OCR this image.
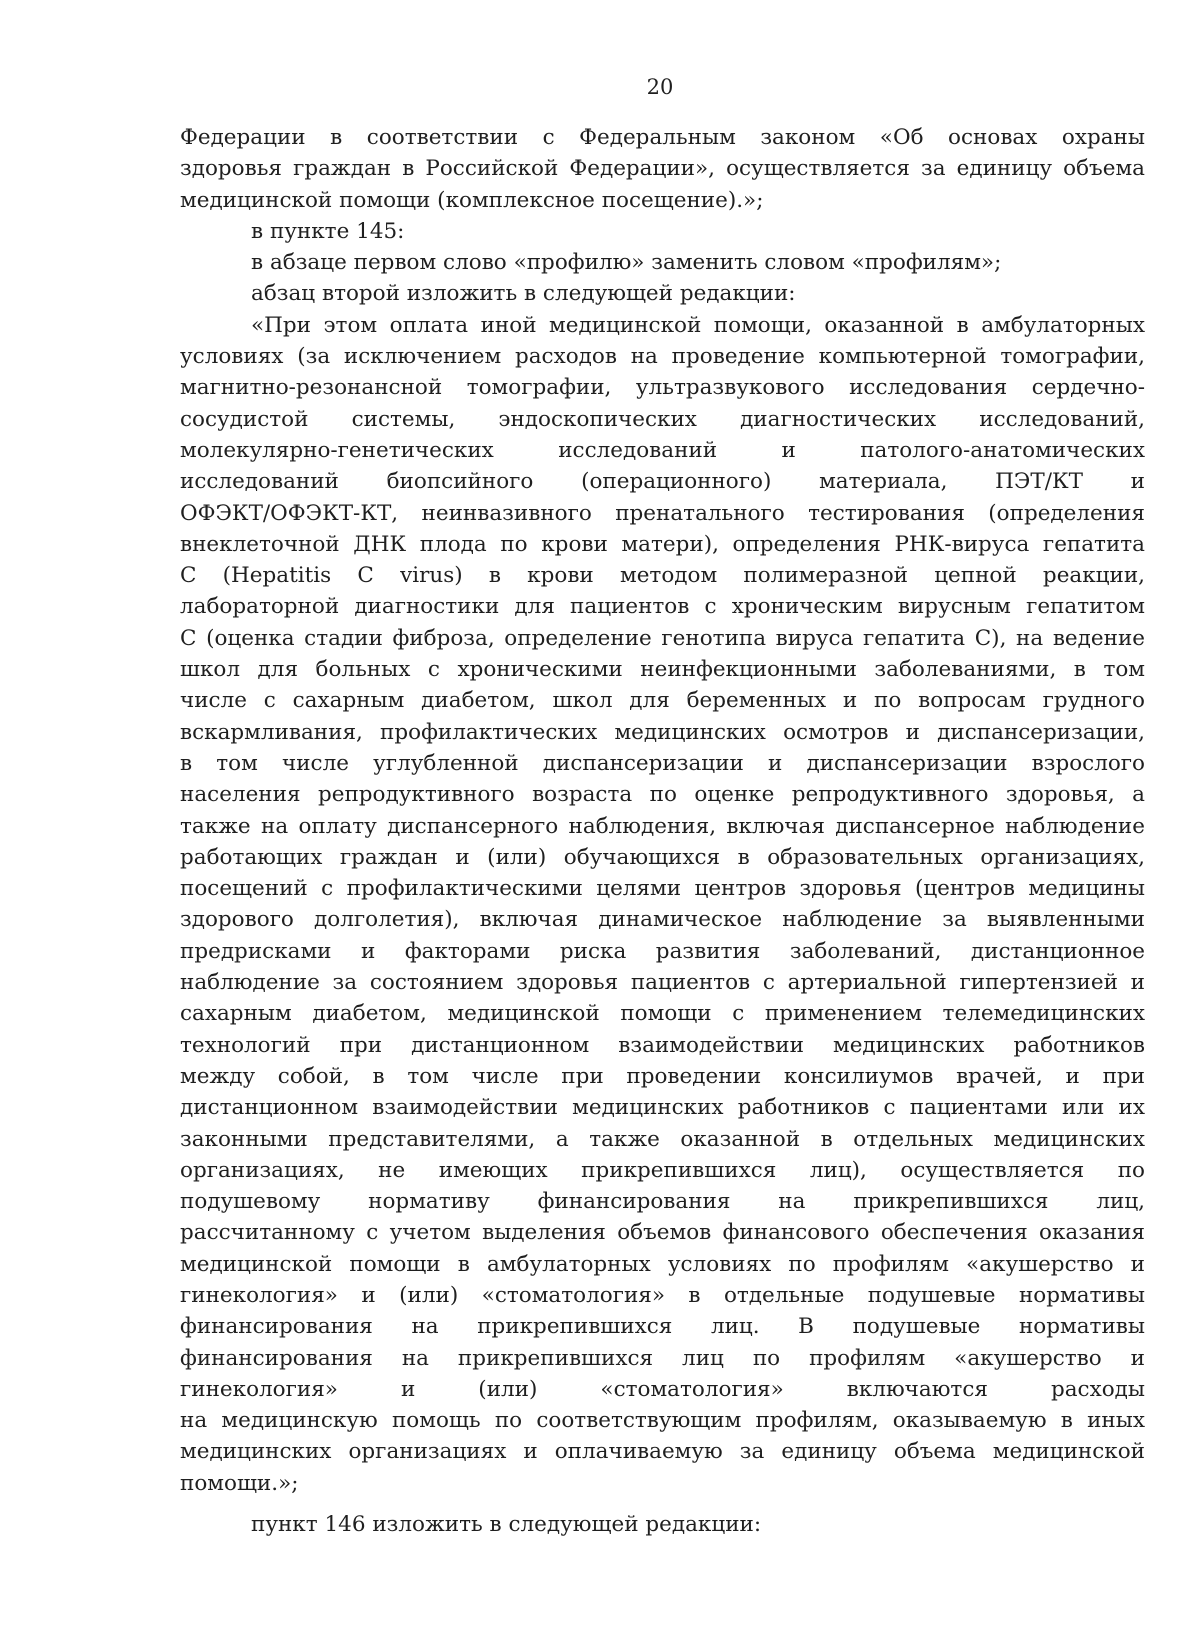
20
Федерации в соответствии с Федеральным законом «Об основах охраны
здоровья граждан в Российской Федерации», осуществляется за единицу объема
медицинской помощи (комплексное посещение).»;
в пункте 145:
в абзаце первом слово «профилю» заменить словом «профилям»;
абзац второй изложить в следующей редакции:
«При этом оплата иной медицинской помощи, оказанной в амбулаторных
условиях (за исключением расходов на проведение компьютерной томографии,
магнитно-резонансной томографии, ультразвукового исследования сердечно-
сосудистой системы, эндоскопических диагностических исследований,
молекулярно-генетических исследований и патолого-анатомических
исследований биопсийного (операционного) материала, ПЭТ/КТ и
ОФЭКТ/ОФЭКТ-КТ, неинвазивного пренатального тестирования (определения
внеклеточной ДНК плода по крови матери), определения РНК-вируса гепатита
C (Hepatitis C virus) в крови методом полимеразной цепной реакции,
лабораторной диагностики для пациентов с хроническим вирусным гепатитом
C (оценка стадии фиброза, определение генотипа вируса гепатита C), на ведение
школ для больных с хроническими неинфекционными заболеваниями, в том
числе с сахарным диабетом, школ для беременных и по вопросам грудного
вскармливания, профилактических медицинских осмотров и диспансеризации,
в том числе углубленной диспансеризации и диспансеризации взрослого
населения репродуктивного возраста по оценке репродуктивного здоровья, а
также на оплату диспансерного наблюдения, включая диспансерное наблюдение
работающих граждан и (или) обучающихся в образовательных организациях,
посещений с профилактическими целями центров здоровья (центров медицины
здорового долголетия), включая динамическое наблюдение за выявленными
предрисками и факторами риска развития заболеваний, дистанционное
наблюдение за состоянием здоровья пациентов с артериальной гипертензией и
сахарным диабетом, медицинской помощи с применением телемедицинских
технологий при дистанционном взаимодействии медицинских работников
между собой, в том числе при проведении консилиумов врачей, и при
дистанционном взаимодействии медицинских работников с пациентами или их
законными представителями, а также оказанной в отдельных медицинских
организациях, не имеющих прикрепившихся лиц), осуществляется по
подушевому нормативу финансирования на прикрепившихся лиц,
рассчитанному с учетом выделения объемов финансового обеспечения оказания
медицинской помощи в амбулаторных условиях по профилям «акушерство и
гинекология» и (или) «стоматология» в отдельные подушевые нормативы
финансирования на прикрепившихся лиц. В подушевые нормативы
финансирования на прикрепившихся лиц по профилям «акушерство и
гинекология» и (или) «стоматология» включаются расходы
на медицинскую помощь по соответствующим профилям, оказываемую в иных
медицинских организациях и оплачиваемую за единицу объема медицинской
помощи.»;
пункт 146 изложить в следующей редакции:
